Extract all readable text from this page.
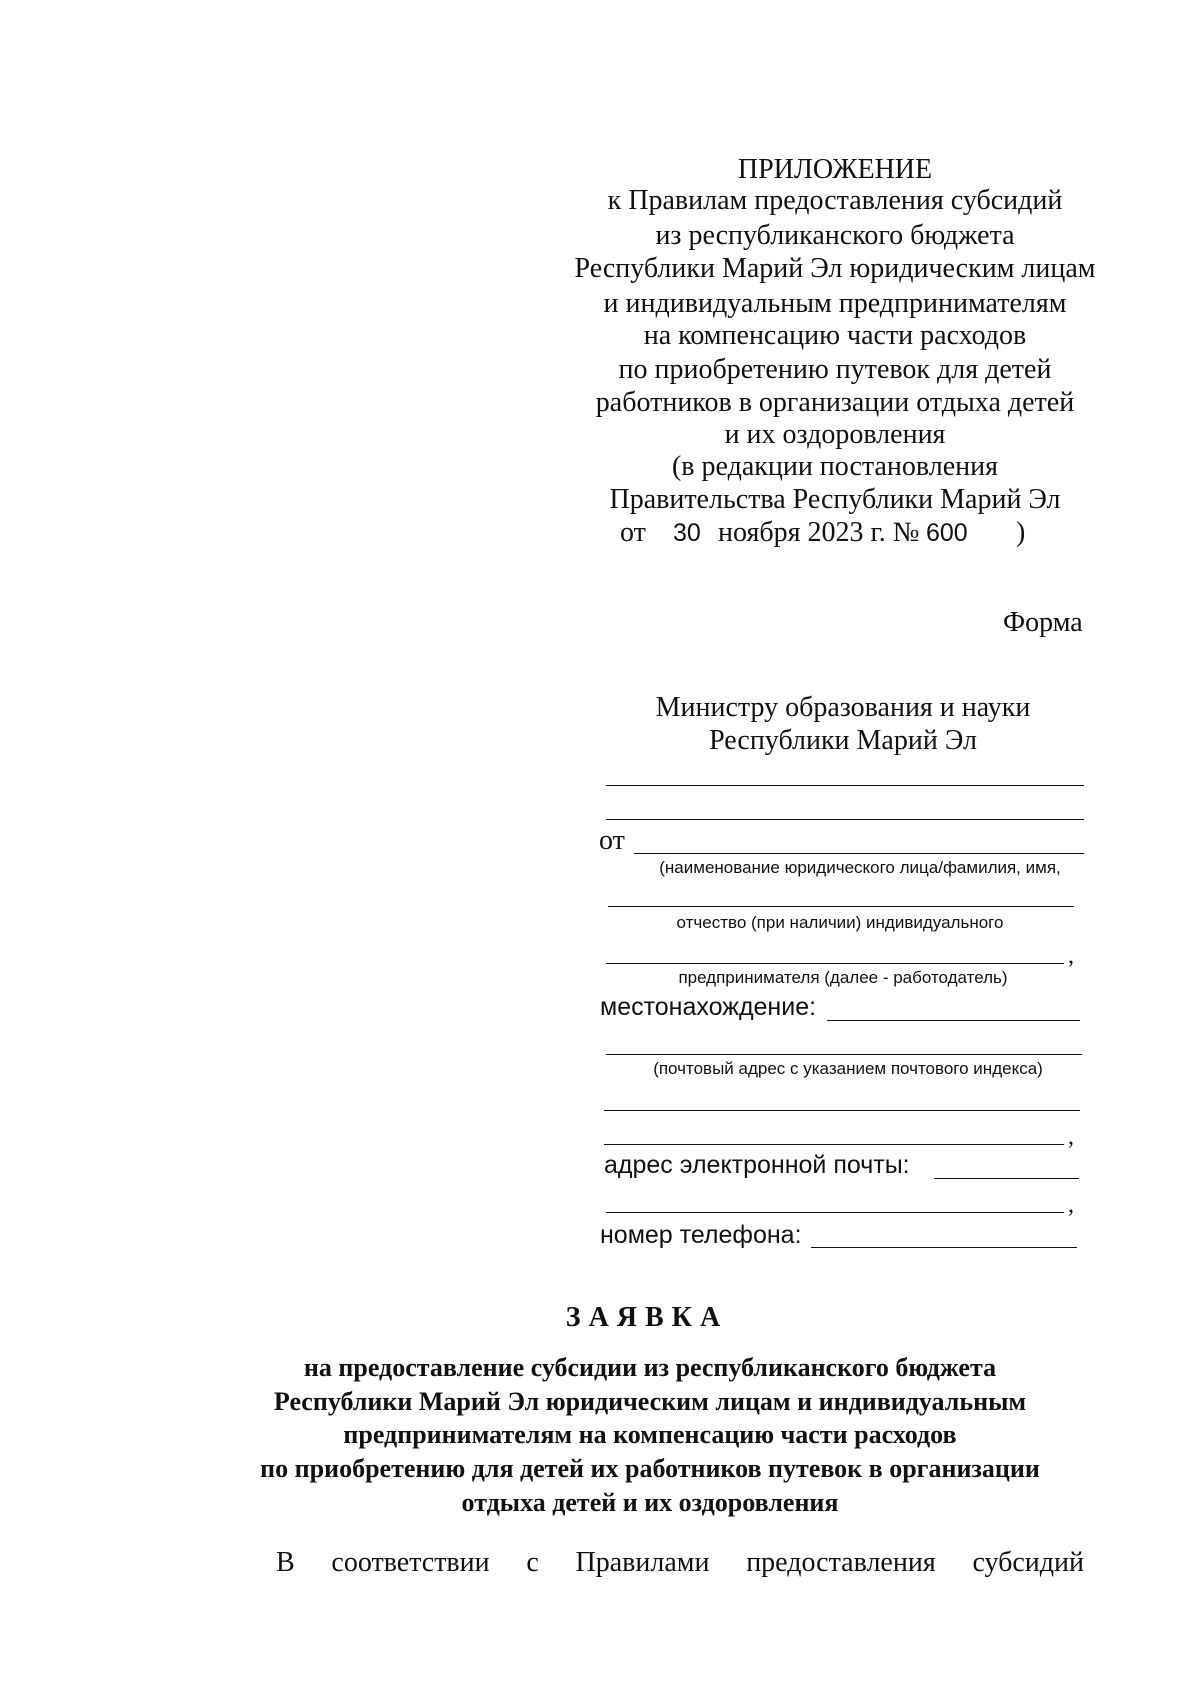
ПРИЛОЖЕНИЕ
к Правилам предоставления субсидий
из республиканского бюджета
Республики Марий Эл юридическим лицам
и индивидуальным предпринимателям
на компенсацию части расходов
по приобретению путевок для детей
работников в организации отдыха детей
и их оздоровления
(в редакции постановления
Правительства Республики Марий Эл
от 30 ноября 2023 г. № 600 )
Форма
Министру образования и науки
Республики Марий Эл
от
(наименование юридического лица/фамилия, имя,
отчество (при наличии) индивидуального
,
предпринимателя (далее - работодатель)
местонахождение:
(почтовый адрес с указанием почтового индекса)
,
адрес электронной почты:
,
номер телефона:
ЗАЯВКА
на предоставление субсидии из республиканского бюджета
Республики Марий Эл юридическим лицам и индивидуальным
предпринимателям на компенсацию части расходов
по приобретению для детей их работников путевок в организации
отдыха детей и их оздоровления
В соответствии с Правилами предоставления субсидий
